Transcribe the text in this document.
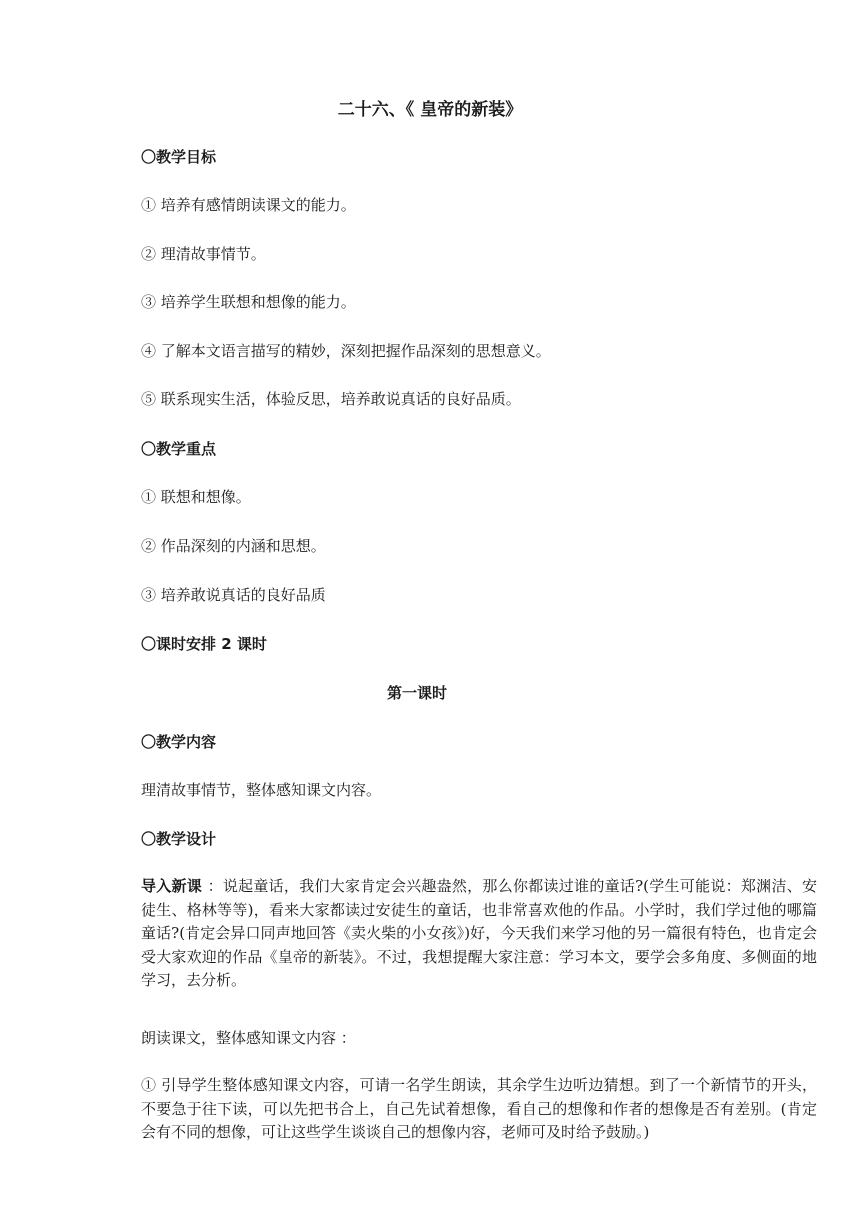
二十六、《 皇帝的新装》
〇教学目标
① 培养有感情朗读课文的能力。
② 理清故事情节。
③ 培养学生联想和想像的能力。
④ 了解本文语言描写的精妙，深刻把握作品深刻的思想意义。
⑤ 联系现实生活，体验反思，培养敢说真话的良好品质。
〇教学重点
① 联想和想像。
② 作品深刻的内涵和思想。
③ 培养敢说真话的良好品质
〇课时安排 2 课时
第一课时
〇教学内容
理清故事情节，整体感知课文内容。
〇教学设计
导入新课 ：说起童话，我们大家肯定会兴趣盎然，那么你都读过谁的童话?(学生可能说：郑渊洁、安徒生、格林等等)，看来大家都读过安徒生的童话，也非常喜欢他的作品。小学时，我们学过他的哪篇童话?(肯定会异口同声地回答《卖火柴的小女孩》)好，今天我们来学习他的另一篇很有特色，也肯定会受大家欢迎的作品《皇帝的新装》。不过，我想提醒大家注意：学习本文，要学会多角度、多侧面的地学习，去分析。
朗读课文，整体感知课文内容 ：
① 引导学生整体感知课文内容，可请一名学生朗读，其余学生边听边猜想。到了一个新情节的开头，不要急于往下读，可以先把书合上，自己先试着想像，看自己的想像和作者的想像是否有差别。(肯定会有不同的想像，可让这些学生谈谈自己的想像内容，老师可及时给予鼓励。)
